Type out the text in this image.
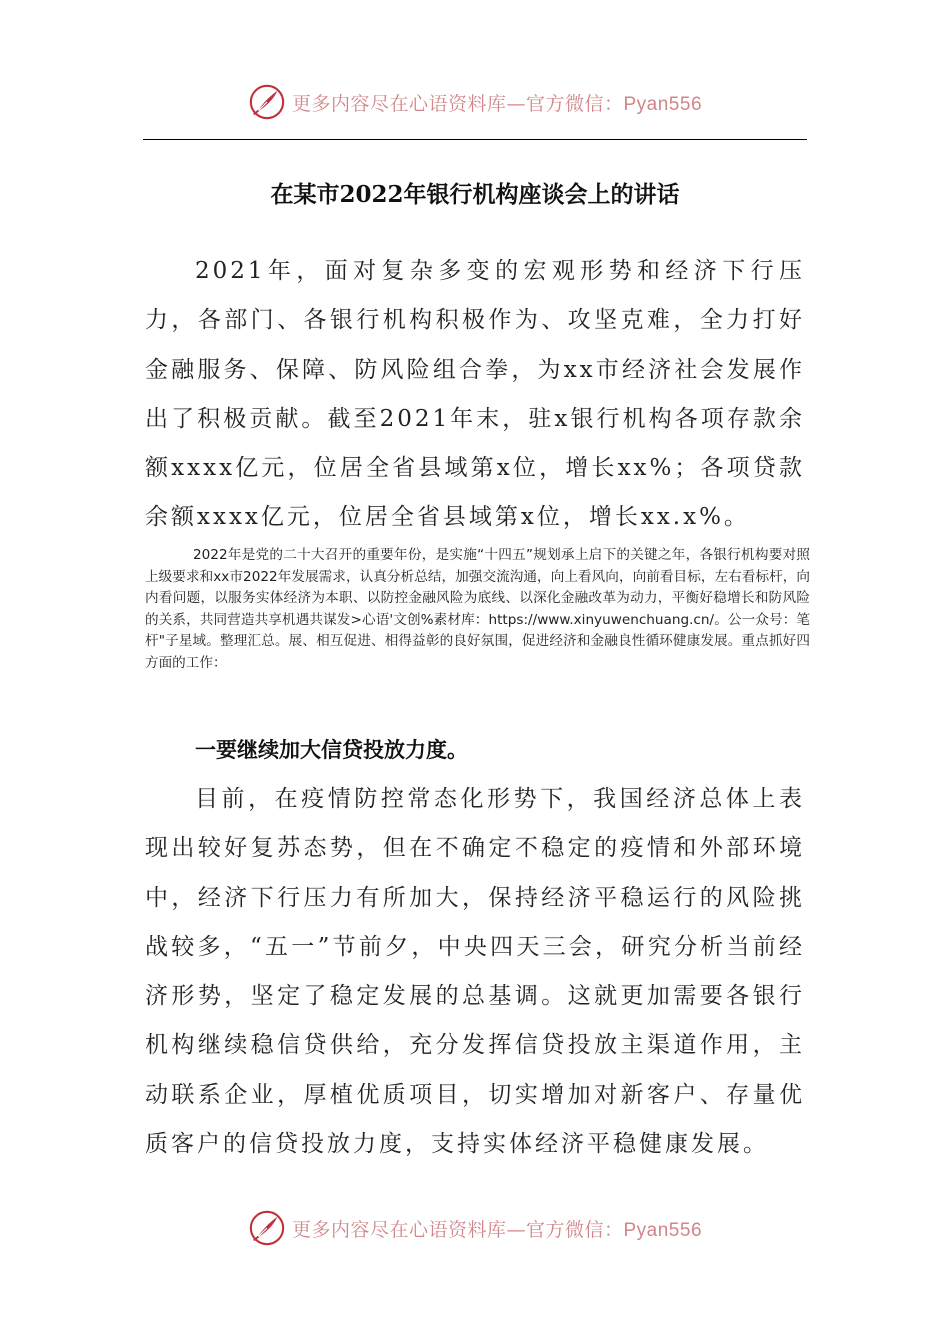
更多内容尽在心语资料库—官方微信：Pyan556
在某市2022年银行机构座谈会上的讲话

2021年，面对复杂多变的宏观形势和经济下行压力，各部门、各银行机构积极作为、攻坚克难，全力打好金融服务、保障、防风险组合拳，为xx市经济社会发展作出了积极贡献。截至2021年末，驻x银行机构各项存款余额xxxx亿元，位居全省县域第x位，增长xx%；各项贷款余额xxxx亿元，位居全省县域第x位，增长xx.x%。

2022年是党的二十大召开的重要年份，是实施“十四五”规划承上启下的关键之年，各银行机构要对照上级要求和xx市2022年发展需求，认真分析总结，加强交流沟通，向上看风向，向前看目标，左右看标杆，向内看问题，以服务实体经济为本职、以防控金融风险为底线、以深化金融改革为动力，平衡好稳增长和防风险的关系，共同营造共享机遇共谋发>心语'文创%素材库：https://www.xinyuwenchuang.cn/。公一众号：笔杆"子星域。整理汇总。展、相互促进、相得益彰的良好氛围，促进经济和金融良性循环健康发展。重点抓好四方面的工作：

一要继续加大信贷投放力度。

目前，在疫情防控常态化形势下，我国经济总体上表现出较好复苏态势，但在不确定不稳定的疫情和外部环境中，经济下行压力有所加大，保持经济平稳运行的风险挑战较多，“五一”节前夕，中央四天三会，研究分析当前经济形势，坚定了稳定发展的总基调。这就更加需要各银行机构继续稳信贷供给，充分发挥信贷投放主渠道作用，主动联系企业，厚植优质项目，切实增加对新客户、存量优质客户的信贷投放力度，支持实体经济平稳健康发展。

更多内容尽在心语资料库—官方微信：Pyan556
